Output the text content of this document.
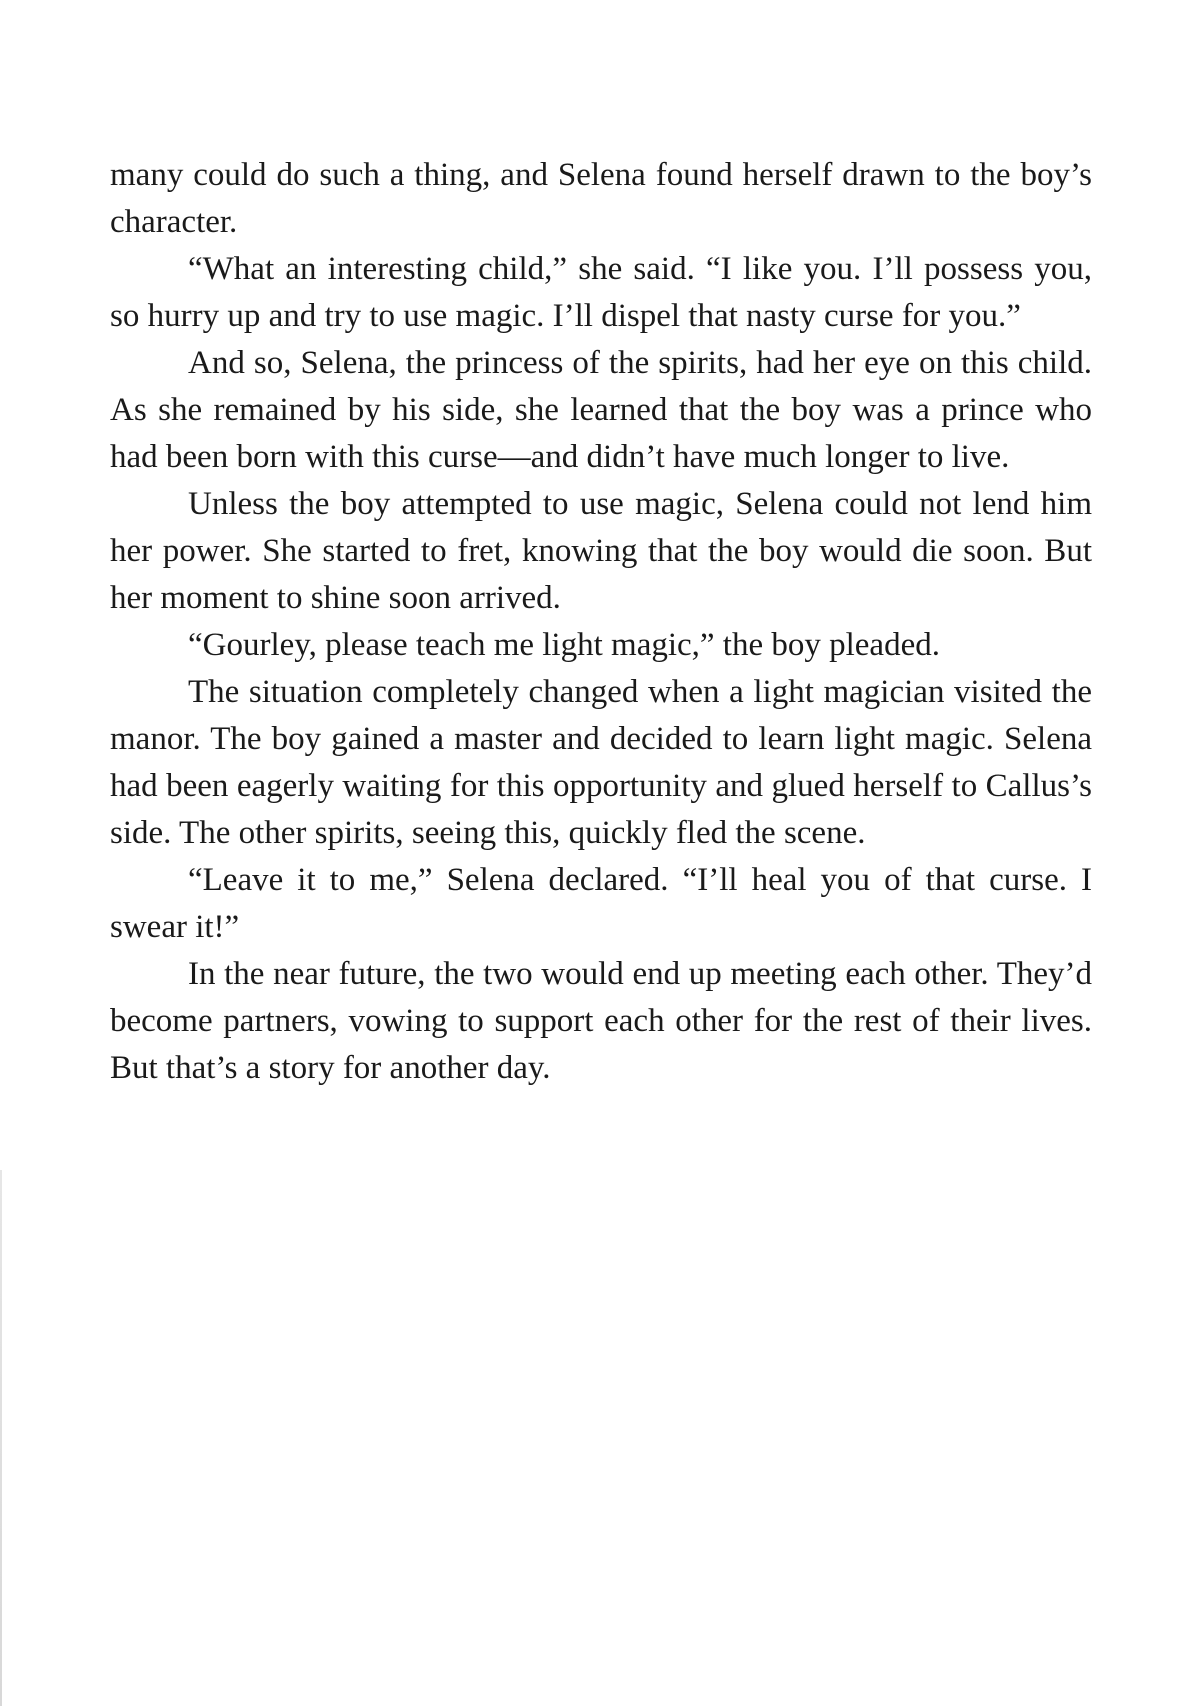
many could do such a thing, and Selena found herself drawn to the boy’s character.

“What an interesting child,” she said. “I like you. I’ll possess you, so hurry up and try to use magic. I’ll dispel that nasty curse for you.”

And so, Selena, the princess of the spirits, had her eye on this child. As she remained by his side, she learned that the boy was a prince who had been born with this curse—and didn’t have much longer to live.

Unless the boy attempted to use magic, Selena could not lend him her power. She started to fret, knowing that the boy would die soon. But her moment to shine soon arrived.

“Gourley, please teach me light magic,” the boy pleaded.

The situation completely changed when a light magician visited the manor. The boy gained a master and decided to learn light magic. Selena had been eagerly waiting for this opportunity and glued herself to Callus’s side. The other spirits, seeing this, quickly fled the scene.

“Leave it to me,” Selena declared. “I’ll heal you of that curse. I swear it!”

In the near future, the two would end up meeting each other. They’d become partners, vowing to support each other for the rest of their lives. But that’s a story for another day.
